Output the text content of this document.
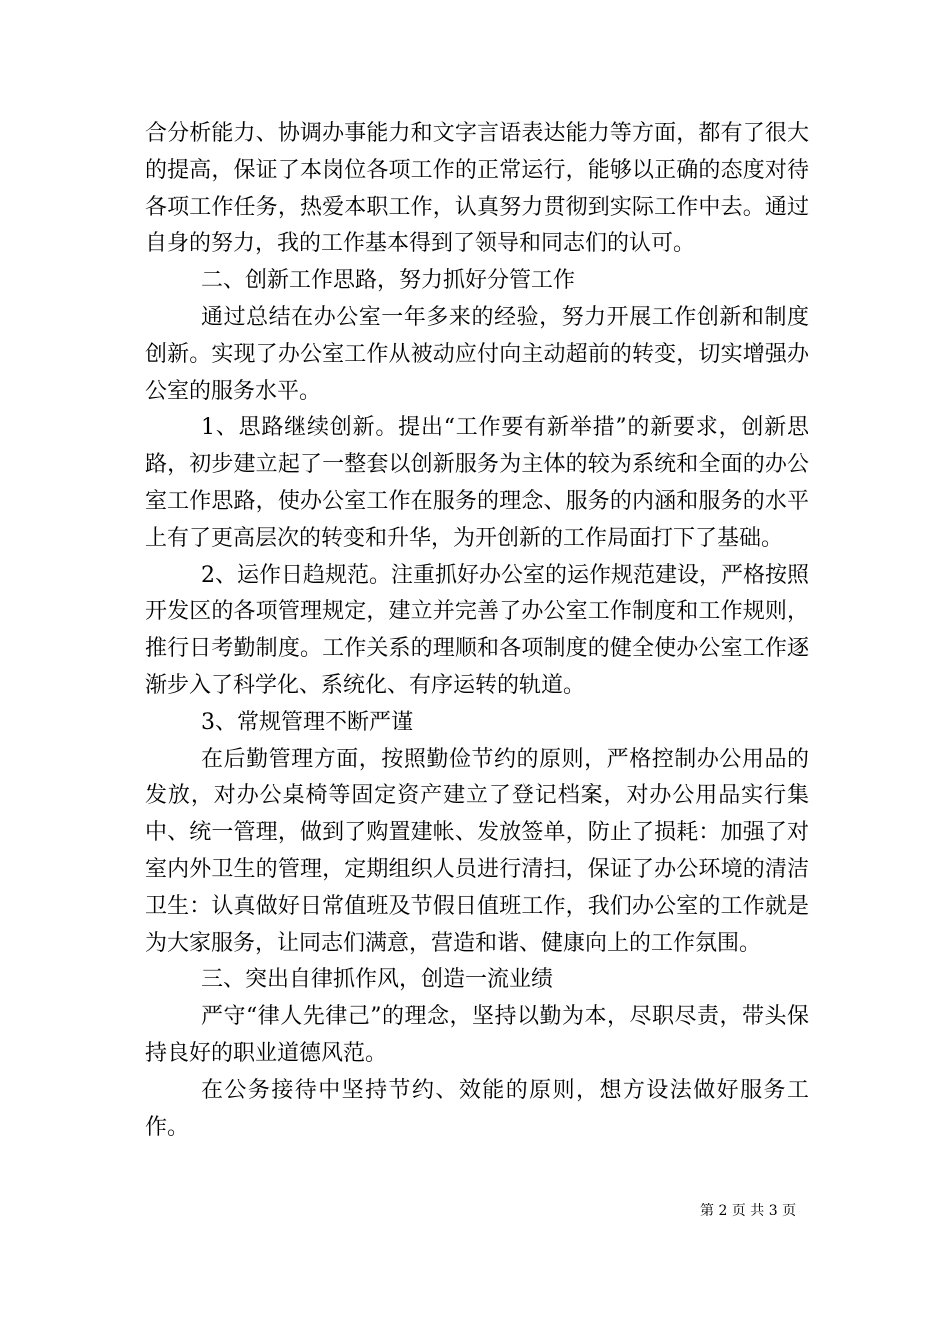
合分析能力、协调办事能力和文字言语表达能力等方面，都有了很大的提高，保证了本岗位各项工作的正常运行，能够以正确的态度对待各项工作任务，热爱本职工作，认真努力贯彻到实际工作中去。通过自身的努力，我的工作基本得到了领导和同志们的认可。

二、创新工作思路，努力抓好分管工作

通过总结在办公室一年多来的经验，努力开展工作创新和制度创新。实现了办公室工作从被动应付向主动超前的转变，切实增强办公室的服务水平。

1、思路继续创新。提出“工作要有新举措”的新要求，创新思路，初步建立起了一整套以创新服务为主体的较为系统和全面的办公室工作思路，使办公室工作在服务的理念、服务的内涵和服务的水平上有了更高层次的转变和升华，为开创新的工作局面打下了基础。

2、运作日趋规范。注重抓好办公室的运作规范建设，严格按照开发区的各项管理规定，建立并完善了办公室工作制度和工作规则，推行日考勤制度。工作关系的理顺和各项制度的健全使办公室工作逐渐步入了科学化、系统化、有序运转的轨道。

3、常规管理不断严谨

在后勤管理方面，按照勤俭节约的原则，严格控制办公用品的发放，对办公桌椅等固定资产建立了登记档案，对办公用品实行集中、统一管理，做到了购置建帐、发放签单，防止了损耗：加强了对室内外卫生的管理，定期组织人员进行清扫，保证了办公环境的清洁卫生：认真做好日常值班及节假日值班工作，我们办公室的工作就是为大家服务，让同志们满意，营造和谐、健康向上的工作氛围。

三、突出自律抓作风，创造一流业绩

严守“律人先律己”的理念，坚持以勤为本，尽职尽责，带头保持良好的职业道德风范。

在公务接待中坚持节约、效能的原则，想方设法做好服务工作。

第 2 页 共 3 页
